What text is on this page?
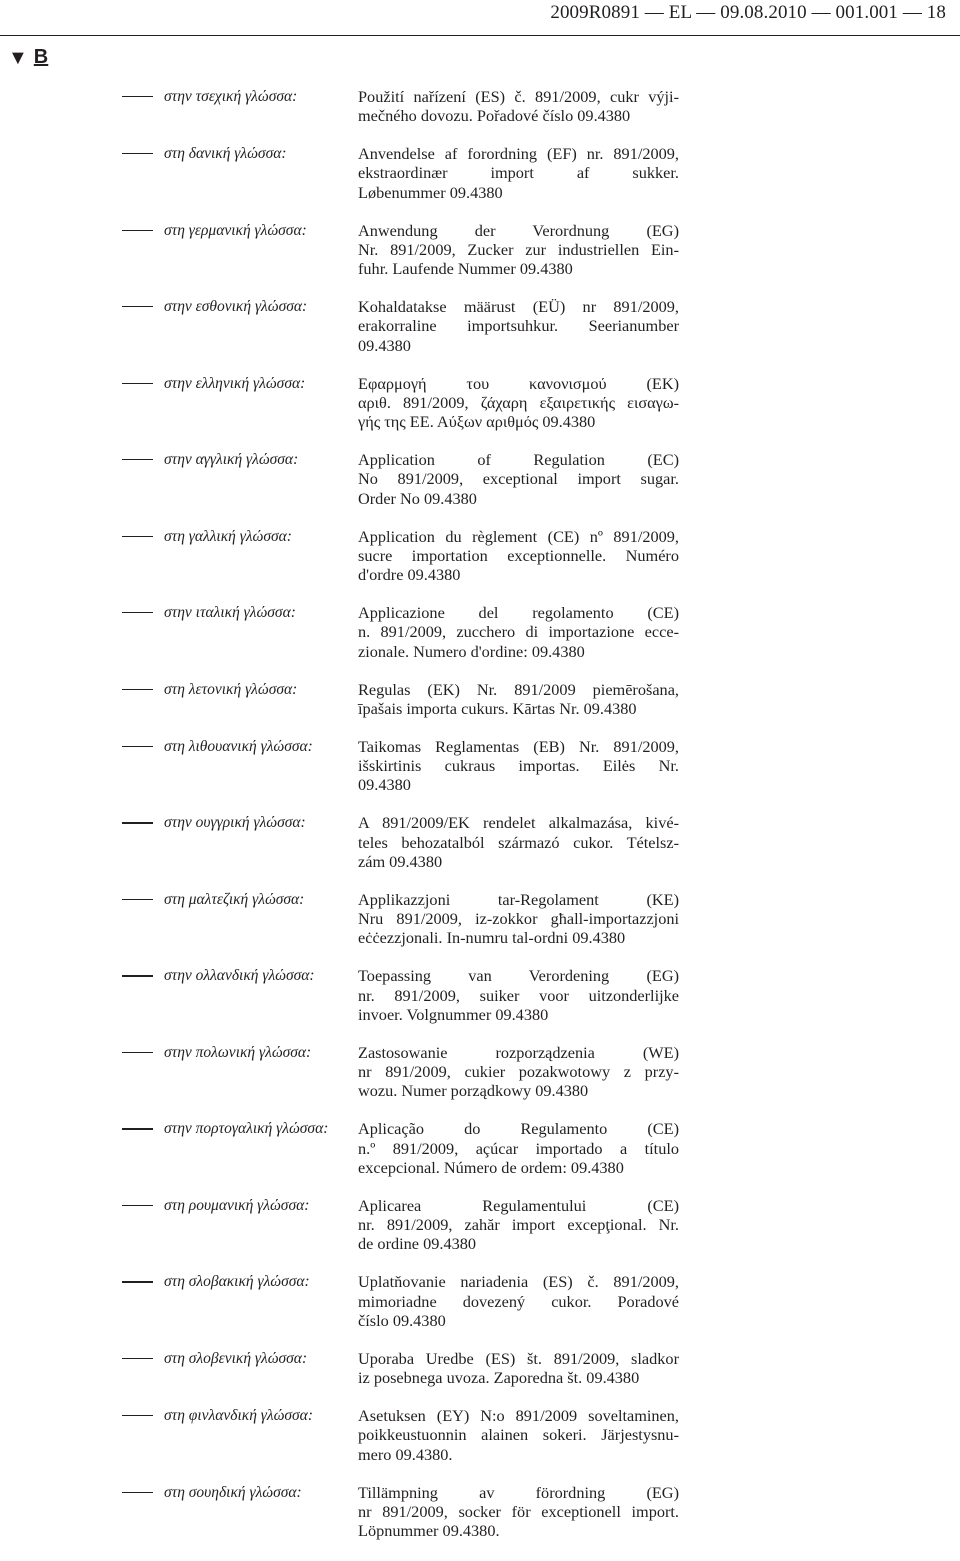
2009R0891 — EL — 09.08.2010 — 001.001 — 18
▼ B
στην τσεχική γλώσσα:	Použití nařízení (ES) č. 891/2009, cukr výji-
mečného dovozu. Pořadové číslo 09.4380
στη δανική γλώσσα:	Anvendelse af forordning (EF) nr. 891/2009,
ekstraordinær import af sukker.
Løbenummer 09.4380
στη γερμανική γλώσσα:	Anwendung der Verordnung (EG)
Nr. 891/2009, Zucker zur industriellen Ein-
fuhr. Laufende Nummer 09.4380
στην εσθονική γλώσσα:	Kohaldatakse määrust (EÜ) nr 891/2009,
erakorraline importsuhkur. Seerianumber
09.4380
στην ελληνική γλώσσα:	Εφαρμογή του κανονισμού (ΕΚ)
αριθ. 891/2009, ζάχαρη εξαιρετικής εισαγω-
γής της ΕΕ. Αύξων αριθμός 09.4380
στην αγγλική γλώσσα:	Application of Regulation (EC)
No 891/2009, exceptional import sugar.
Order No 09.4380
στη γαλλική γλώσσα:	Application du règlement (CE) nº 891/2009,
sucre importation exceptionnelle. Numéro
d'ordre 09.4380
στην ιταλική γλώσσα:	Applicazione del regolamento (CE)
n. 891/2009, zucchero di importazione ecce-
zionale. Numero d'ordine: 09.4380
στη λετονική γλώσσα:	Regulas (EK) Nr. 891/2009 piemērošana,
īpašais importa cukurs. Kārtas Nr. 09.4380
στη λιθουανική γλώσσα:	Taikomas Reglamentas (EB) Nr. 891/2009,
išskirtinis cukraus importas. Eilės Nr.
09.4380
στην ουγγρική γλώσσα:	A 891/2009/EK rendelet alkalmazása, kivé-
teles behozatalból származó cukor. Tételsz-
zám 09.4380
στη μαλτεζική γλώσσα:	Applikazzjoni tar-Regolament (KE)
Nru 891/2009, iz-zokkor għall-importazzjoni
eċċezzjonali. In-numru tal-ordni 09.4380
στην ολλανδική γλώσσα:	Toepassing van Verordening (EG)
nr. 891/2009, suiker voor uitzonderlijke
invoer. Volgnummer 09.4380
στην πολωνική γλώσσα:	Zastosowanie rozporządzenia (WE)
nr 891/2009, cukier pozakwotowy z przy-
wozu. Numer porządkowy 09.4380
στην πορτογαλική γλώσσα: Aplicação do Regulamento (CE)
n.º 891/2009, açúcar importado a título
excepcional. Número de ordem: 09.4380
στη ρουμανική γλώσσα:	Aplicarea Regulamentului (CE)
nr. 891/2009, zahăr import excepţional. Nr.
de ordine 09.4380
στη σλοβακική γλώσσα:	Uplatňovanie nariadenia (ES) č. 891/2009,
mimoriadne dovezený cukor. Poradové
číslo 09.4380
στη σλοβενική γλώσσα:	Uporaba Uredbe (ES) št. 891/2009, sladkor
iz posebnega uvoza. Zaporedna št. 09.4380
στη φινλανδική γλώσσα:	Asetuksen (EY) N:o 891/2009 soveltaminen,
poikkeustuonnin alainen sokeri. Järjestysnu-
mero 09.4380.
στη σουηδική γλώσσα:	Tillämpning av förordning (EG)
nr 891/2009, socker för exceptionell import.
Löpnummer 09.4380.
